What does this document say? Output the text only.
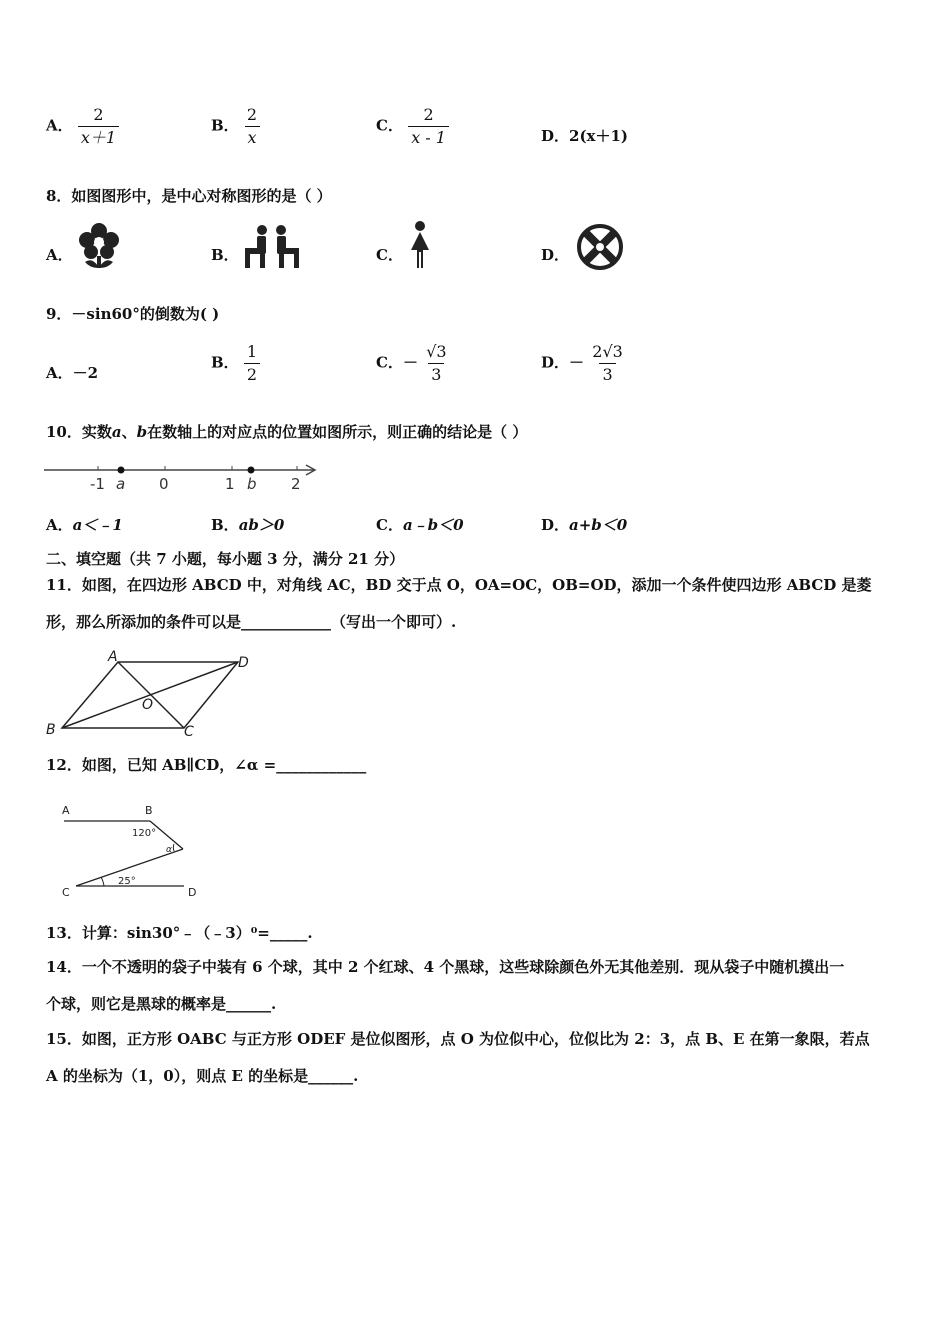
A． $\frac{2}{x+1}$	B． $\frac{2}{x}$	C． $\frac{2}{x - 1}$	D．2(x＋1)
8．如图图形中，是中心对称图形的是（ ）
A．	B．	C．	D．
9．－sin60°的倒数为( )
A．－2
B． $\frac{1}{2}$	C．－ $\frac{√3}{3}$	D．－ $\frac{2√3}{3}$
10．实数a、b在数轴上的对应点的位置如图所示，则正确的结论是（ ）
-1 a 0	1 b 2
A．a＜﹣1	B．ab＞0	C．a﹣b＜0	D．a+b＜0
二、填空题（共 7 小题，每小题 3 分，满分 21 分）
11．如图，在四边形 ABCD 中，对角线 AC，BD 交于点 O，OA=OC，OB=OD，添加一个条件使四边形 ABCD 是菱
形，那么所添加的条件可以是____________（写出一个即可）.
A	D
O
B	C
12．如图，已知 AB∥CD，∠α =____________
A	B
120°
α
C
25°
D
13．计算：sin30°﹣（﹣3）⁰=_____.
14．一个不透明的袋子中装有 6 个球，其中 2 个红球、4 个黑球，这些球除颜色外无其他差别．现从袋子中随机摸出一
个球，则它是黑球的概率是______.
15．如图，正方形 OABC 与正方形 ODEF 是位似图形，点 O 为位似中心，位似比为 2：3，点 B、E 在第一象限，若点
A 的坐标为（1，0），则点 E 的坐标是______.
